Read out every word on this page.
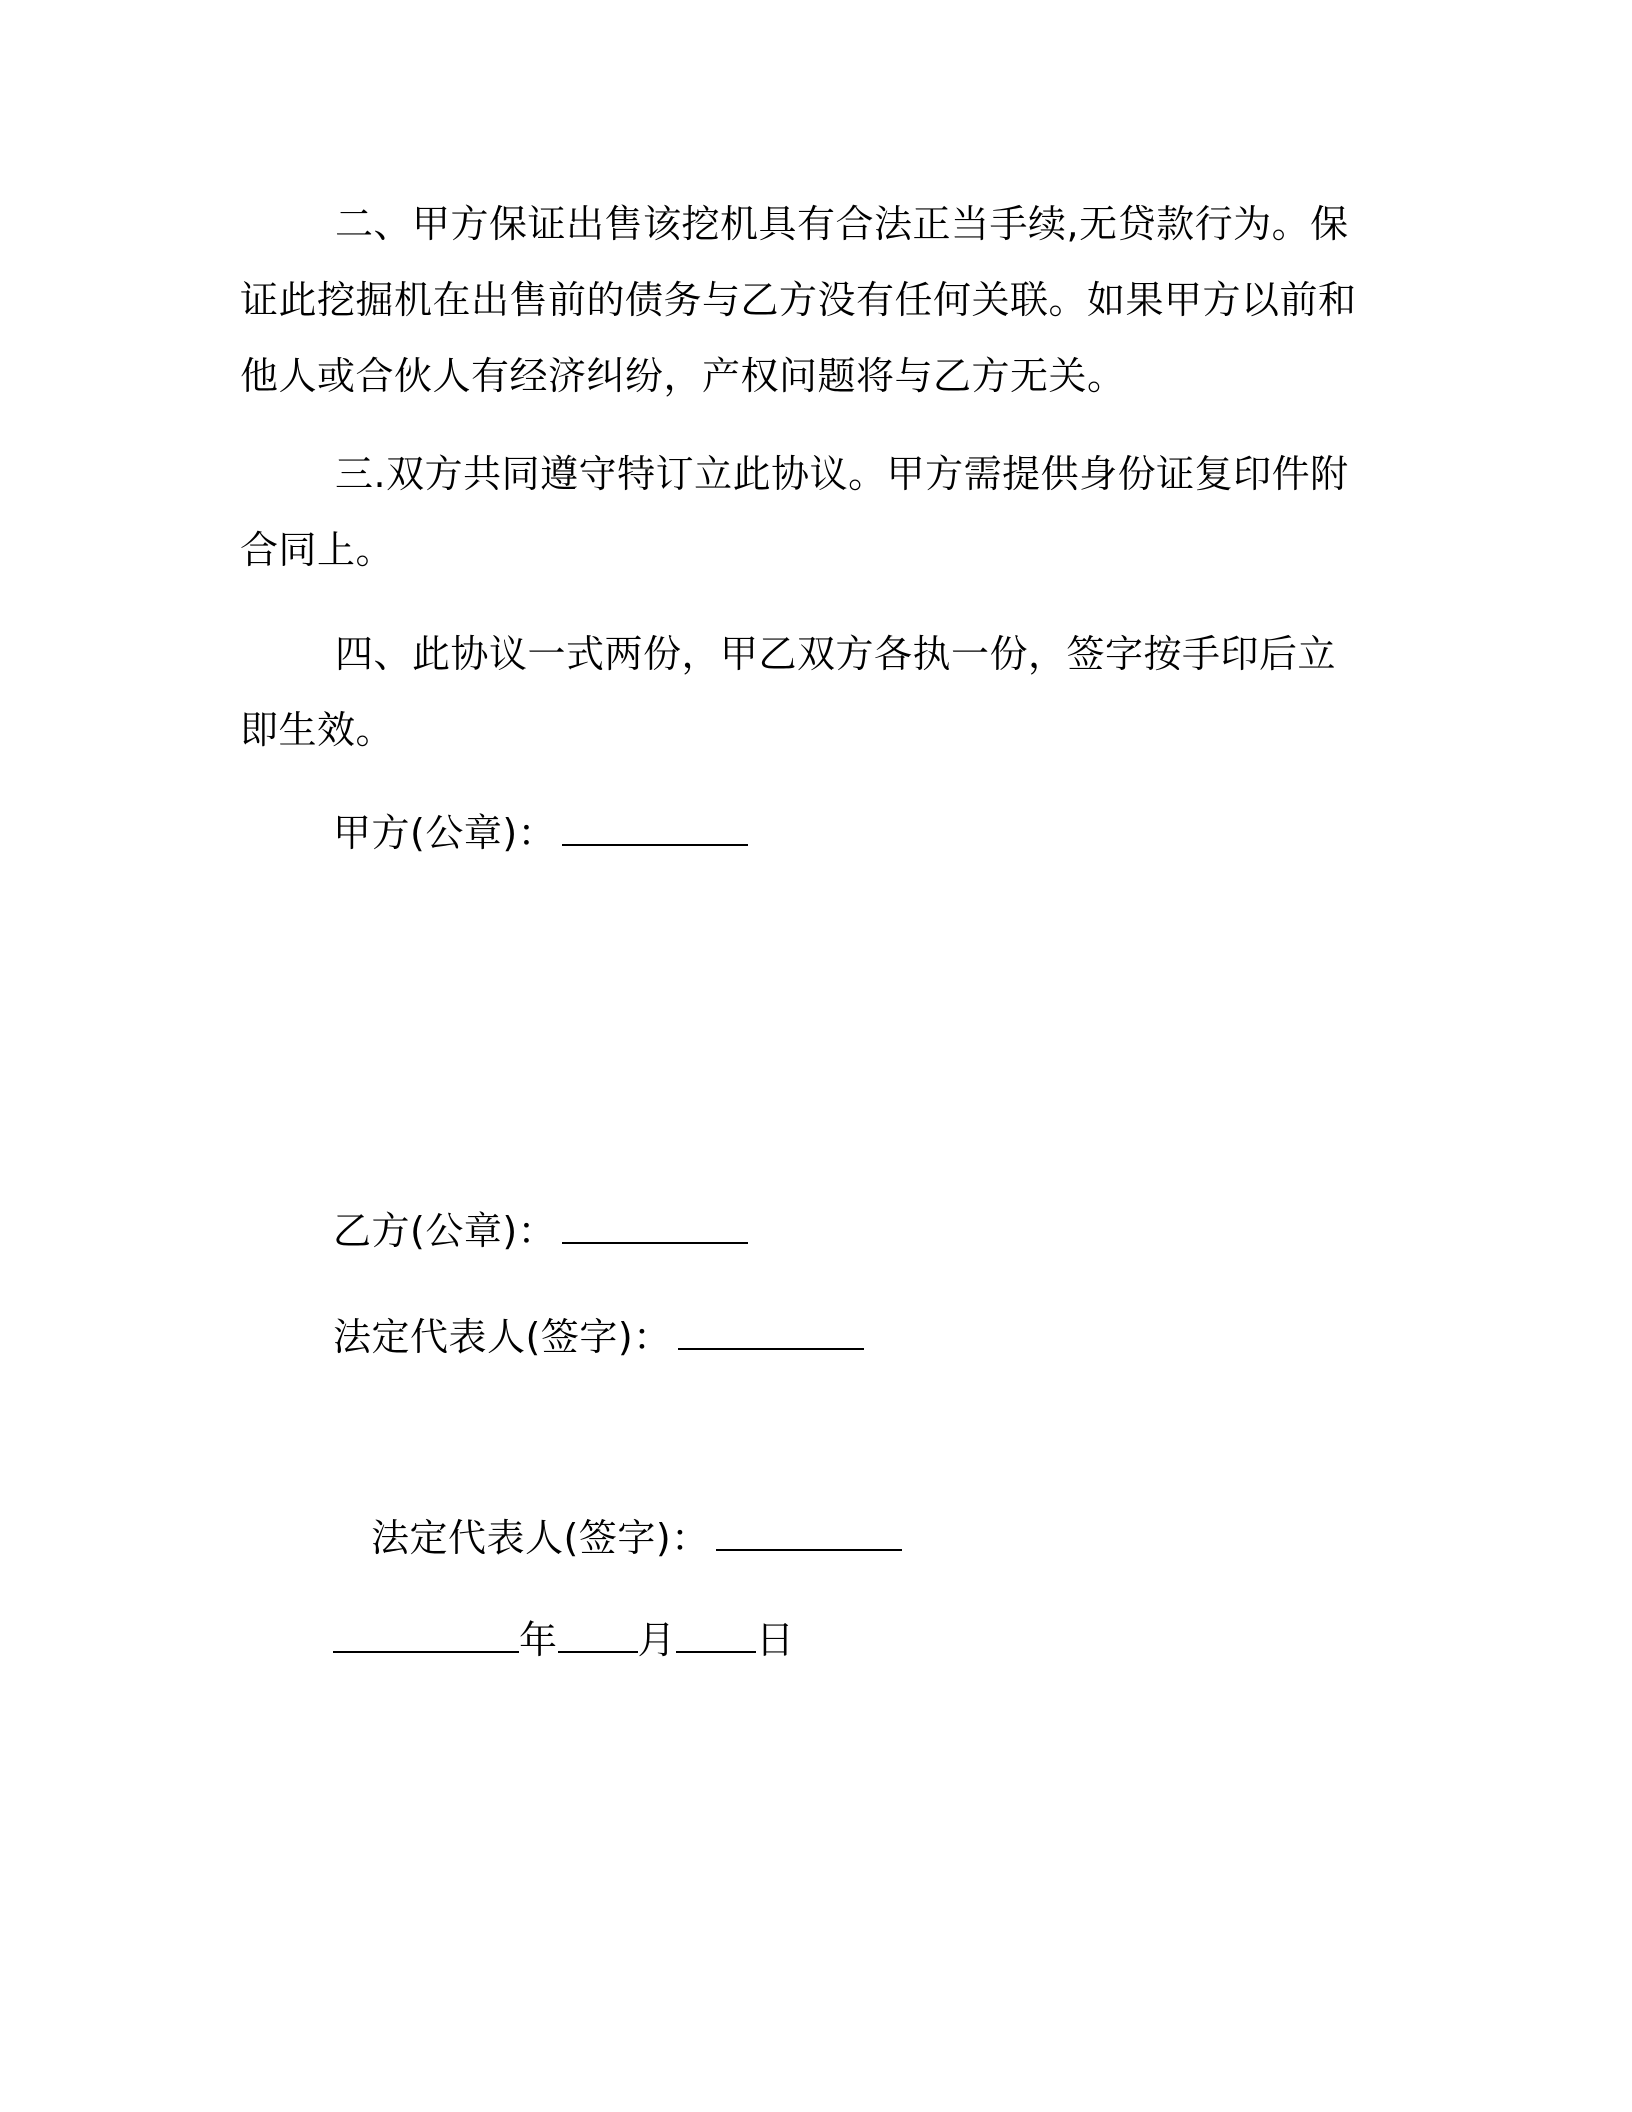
二、甲方保证出售该挖机具有合法正当手续,无贷款行为。保证此挖掘机在出售前的债务与乙方没有任何关联。如果甲方以前和他人或合伙人有经济纠纷，产权问题将与乙方无关。

三.双方共同遵守特订立此协议。甲方需提供身份证复印件附合同上。

四、此协议一式两份，甲乙双方各执一份，签字按手印后立即生效。

甲方(公章)：
乙方(公章)：
法定代表人(签字)：
法定代表人(签字)：
年 月 日
